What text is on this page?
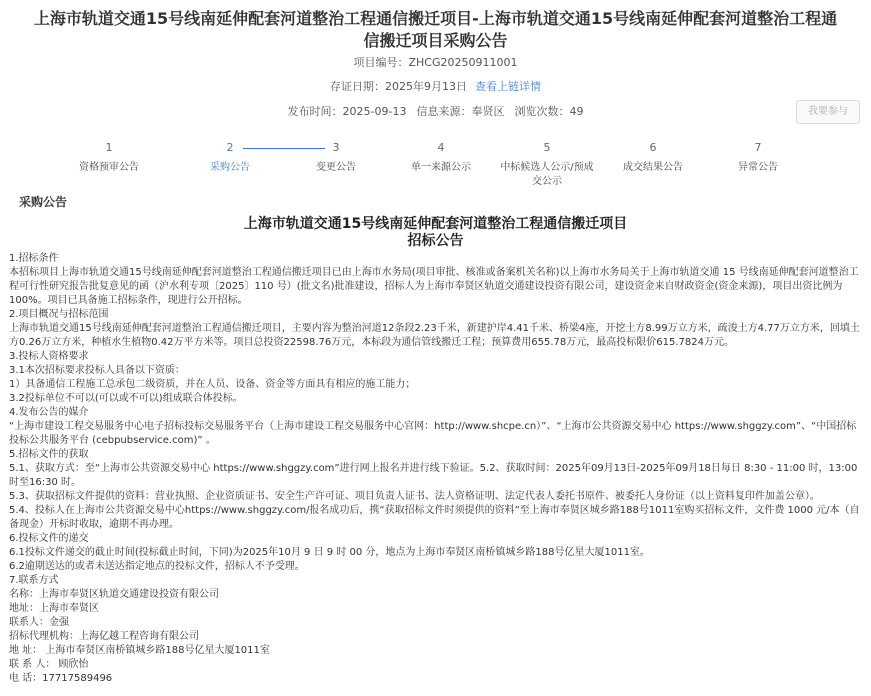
上海市轨道交通15号线南延伸配套河道整治工程通信搬迁项目-上海市轨道交通15号线南延伸配套河道整治工程通信搬迁项目采购公告
项目编号：ZHCG20250911001
存证日期：2025年9月13日 查看上链详情
发布时间：2025-09-13 信息来源：奉贤区 浏览次数：49	我要参与
1
资格预审公告
2
采购公告
3
变更公告
4
单一来源公示
5
中标候选人公示/预成交公示
6
成交结果公告
7
异常公告
采购公告
上海市轨道交通15号线南延伸配套河道整治工程通信搬迁项目
招标公告

1.招标条件

本招标项目上海市轨道交通15号线南延伸配套河道整治工程通信搬迁项目已由上海市水务局(项目审批、核准或备案机关名称)以上海市水务局关于上海市轨道交通 15 号线南延伸配套河道整治工程可行性研究报告批复意见的函（沪水利专项〔2025〕110 号）(批文名)批准建设，招标人为上海市奉贤区轨道交通建设投资有限公司，建设资金来自财政资金(资金来源)，项目出资比例为100%。项目已具备施工招标条件，现进行公开招标。

2.项目概况与招标范围

上海市轨道交通15号线南延伸配套河道整治工程通信搬迁项目，主要内容为整治河道12条段2.23千米，新建护岸4.41千米、桥梁4座，开挖土方8.99万立方米，疏浚土方4.77万立方米，回填土方0.26万立方米，种植水生植物0.42万平方米等。项目总投资22598.76万元，本标段为通信管线搬迁工程；预算费用655.78万元，最高投标限价615.7824万元。

3.投标人资格要求

3.1本次招标要求投标人具备以下资质：

1）具备通信工程施工总承包二级资质，并在人员、设备、资金等方面具有相应的施工能力；

3.2投标单位不可以(可以或不可以)组成联合体投标。

4.发布公告的媒介

“上海市建设工程交易服务中心电子招标投标交易服务平台（上海市建设工程交易服务中心官网：http://www.shcpe.cn）”、“上海市公共资源交易中心 https://www.shggzy.com”、“中国招标投标公共服务平台 (cebpubservice.com)” 。

5.招标文件的获取

5.1、获取方式：至“上海市公共资源交易中心 https://www.shggzy.com”进行网上报名并进行线下验证。5.2、获取时间：2025年09月13日-2025年09月18日每日 8:30 - 11:00 时，13:00时至16:30 时。

5.3、获取招标文件提供的资料：营业执照、企业资质证书、安全生产许可证、项目负责人证书、法人资格证明、法定代表人委托书原件、被委托人身份证（以上资料复印件加盖公章）。

5.4、投标人在上海市公共资源交易中心https://www.shggzy.com/报名成功后，携“获取招标文件时须提供的资料”至上海市奉贤区城乡路188号1011室购买招标文件，文件费 1000 元/本（自备现金）开标时收取，逾期不再办理。

6.投标文件的递交

6.1投标文件递交的截止时间(投标截止时间，下同)为2025年10月 9 日 9 时 00 分，地点为上海市奉贤区南桥镇城乡路188号亿星大厦1011室。

6.2逾期送达的或者未送达指定地点的投标文件，招标人不予受理。

7.联系方式

名称：上海市奉贤区轨道交通建设投资有限公司

地址：上海市奉贤区

联系人：金强

招标代理机构：上海亿越工程咨询有限公司

地 址： 上海市奉贤区南桥镇城乡路188号亿星大厦1011室

联 系 人： 顾欣怡

电 话：17717589496
